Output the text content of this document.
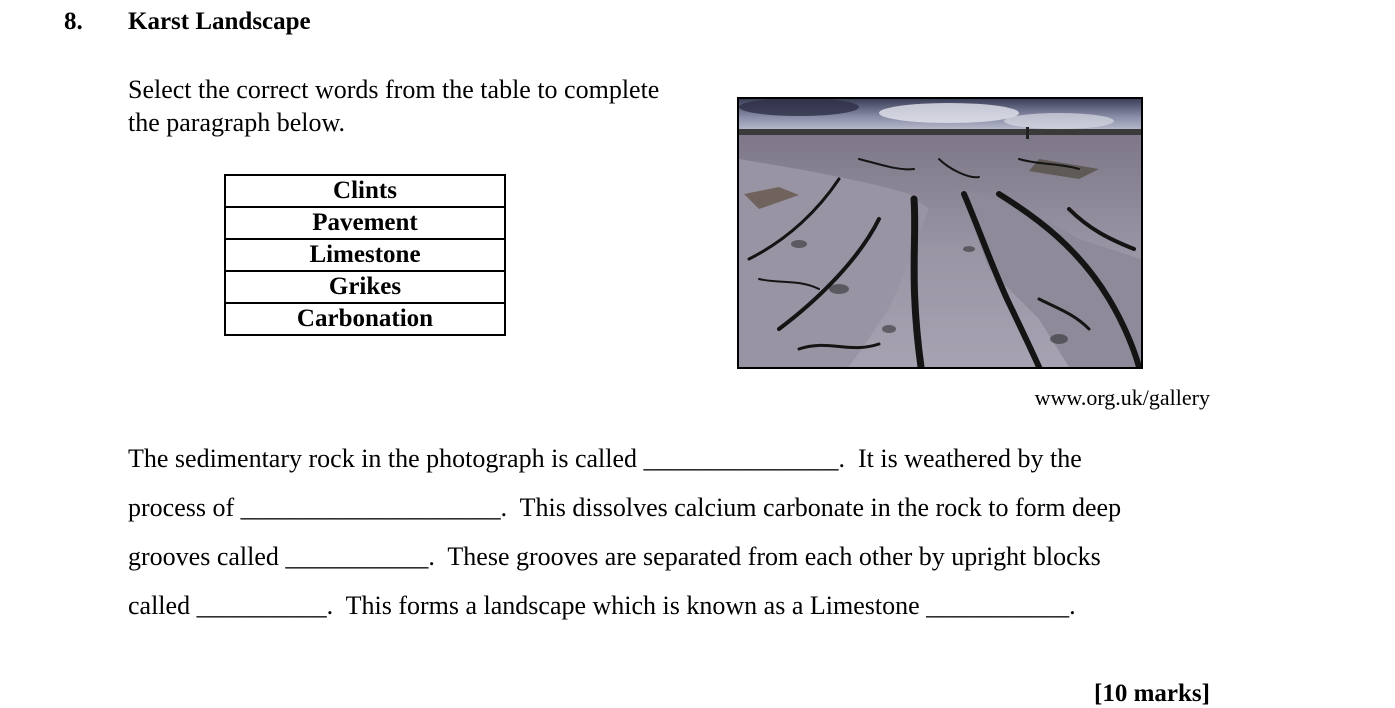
8. Karst Landscape
Select the correct words from the table to complete
the paragraph below.
Clints
Pavement
Limestone
Grikes
Carbonation
www.org.uk/gallery
The sedimentary rock in the photograph is called _______________.  It is weathered by the
process of ____________________.  This dissolves calcium carbonate in the rock to form deep
grooves called ___________.  These grooves are separated from each other by upright blocks
called __________.  This forms a landscape which is known as a Limestone ___________.
[10 marks]
